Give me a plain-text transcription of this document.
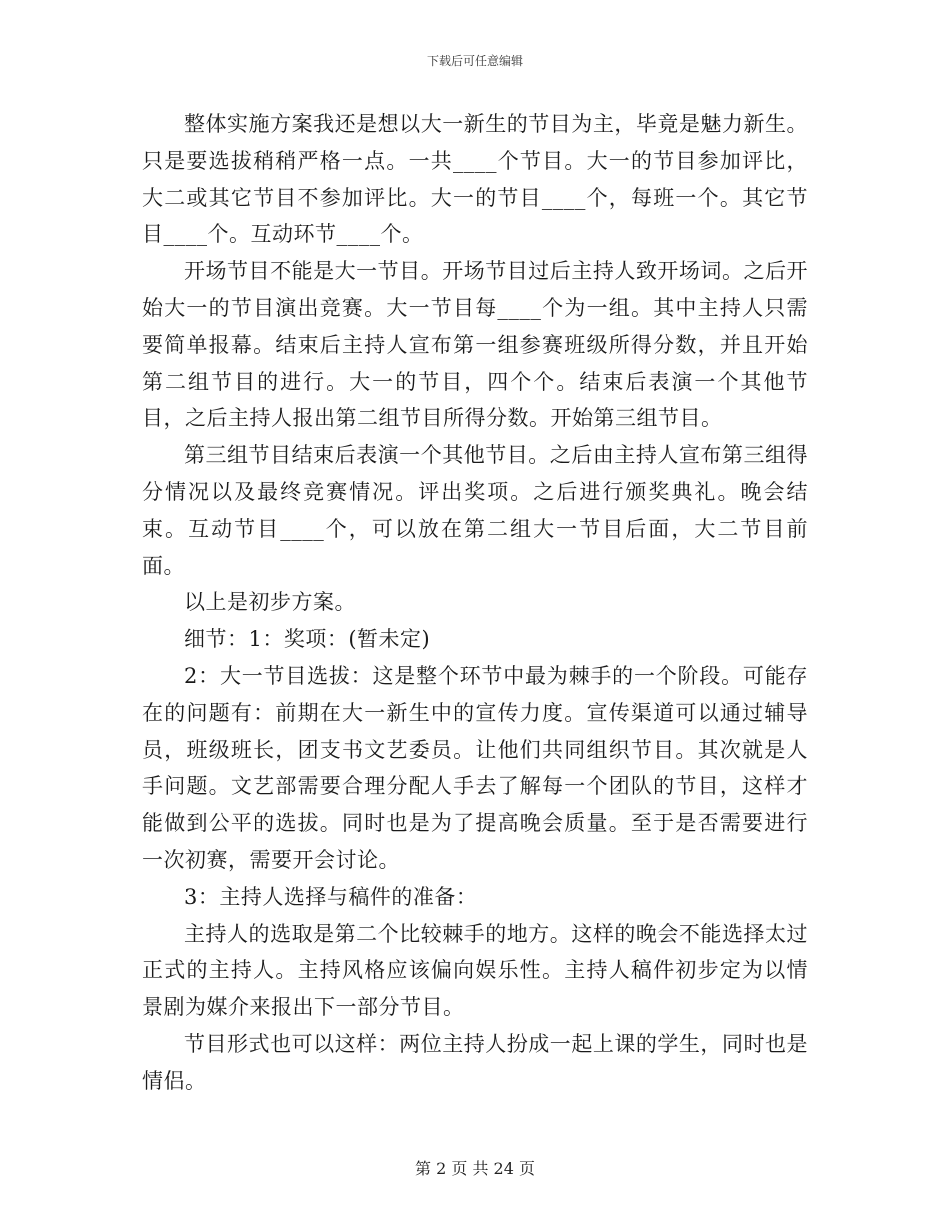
下载后可任意编辑

整体实施方案我还是想以大一新生的节目为主，毕竟是魅力新生。只是要选拔稍稍严格一点。一共____个节目。大一的节目参加评比，大二或其它节目不参加评比。大一的节目____个，每班一个。其它节目____个。互动环节____个。

开场节目不能是大一节目。开场节目过后主持人致开场词。之后开始大一的节目演出竞赛。大一节目每____个为一组。其中主持人只需要简单报幕。结束后主持人宣布第一组参赛班级所得分数，并且开始第二组节目的进行。大一的节目，四个个。结束后表演一个其他节目，之后主持人报出第二组节目所得分数。开始第三组节目。

第三组节目结束后表演一个其他节目。之后由主持人宣布第三组得分情况以及最终竞赛情况。评出奖项。之后进行颁奖典礼。晚会结束。互动节目____个，可以放在第二组大一节目后面，大二节目前面。

以上是初步方案。

细节：1：奖项：(暂未定)

2：大一节目选拔：这是整个环节中最为棘手的一个阶段。可能存在的问题有：前期在大一新生中的宣传力度。宣传渠道可以通过辅导员，班级班长，团支书文艺委员。让他们共同组织节目。其次就是人手问题。文艺部需要合理分配人手去了解每一个团队的节目，这样才能做到公平的选拔。同时也是为了提高晚会质量。至于是否需要进行一次初赛，需要开会讨论。

3：主持人选择与稿件的准备：

主持人的选取是第二个比较棘手的地方。这样的晚会不能选择太过正式的主持人。主持风格应该偏向娱乐性。主持人稿件初步定为以情景剧为媒介来报出下一部分节目。

节目形式也可以这样：两位主持人扮成一起上课的学生，同时也是情侣。

第 2 页 共 24 页
